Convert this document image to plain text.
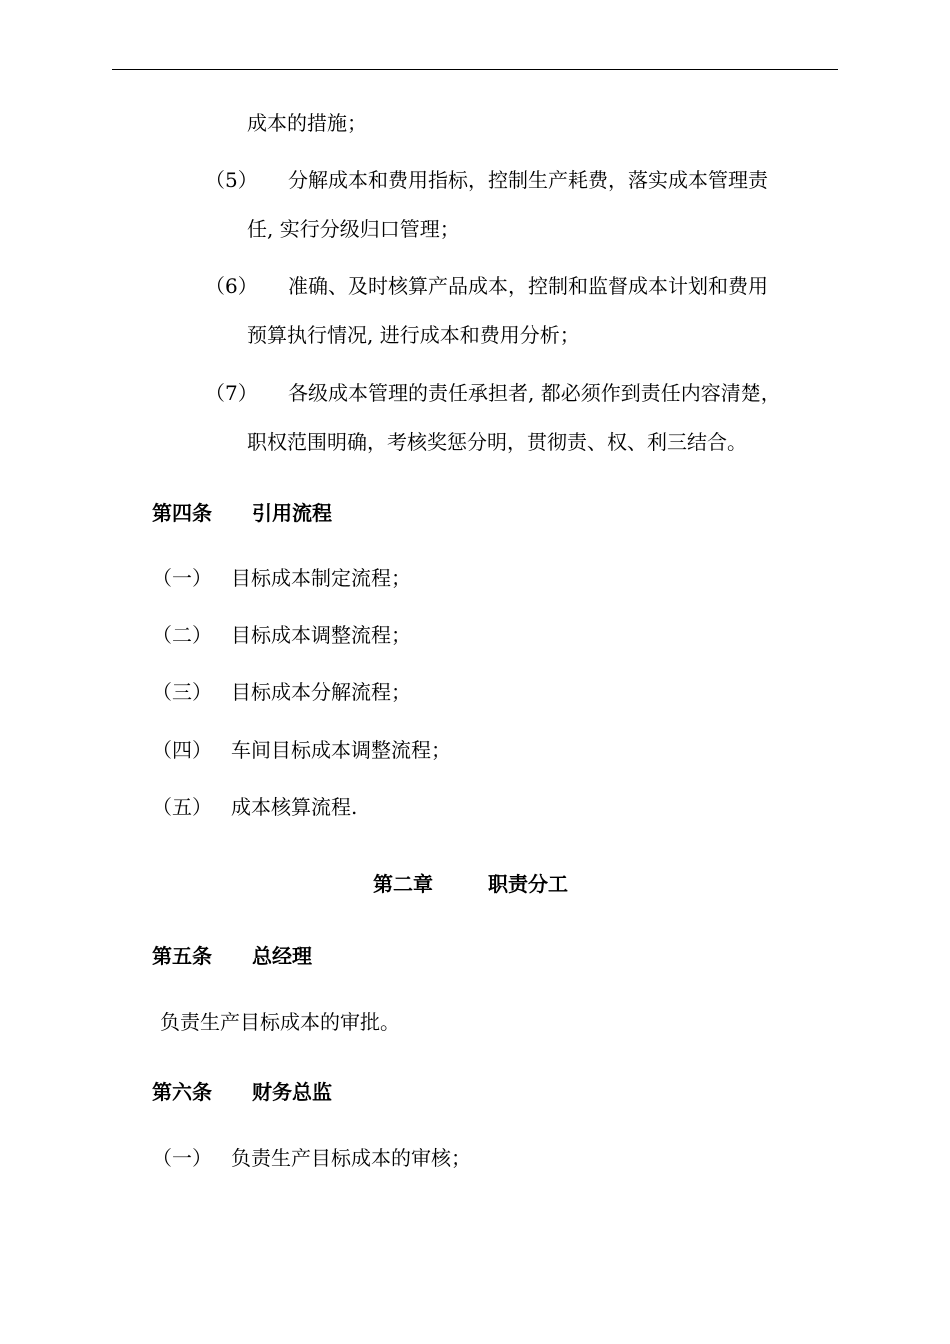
成本的措施；
（5） 分解成本和费用指标，控制生产耗费，落实成本管理责
任, 实行分级归口管理；
（6） 准确、及时核算产品成本，控制和监督成本计划和费用
预算执行情况, 进行成本和费用分析；
（7） 各级成本管理的责任承担者, 都必须作到责任内容清楚，
职权范围明确，考核奖惩分明，贯彻责、权、利三结合。
第四条 引用流程
（一） 目标成本制定流程；
（二） 目标成本调整流程；
（三） 目标成本分解流程；
（四） 车间目标成本调整流程；
（五） 成本核算流程.
第二章	职责分工
第五条 总经理
负责生产目标成本的审批。
第六条 财务总监
（一） 负责生产目标成本的审核；
